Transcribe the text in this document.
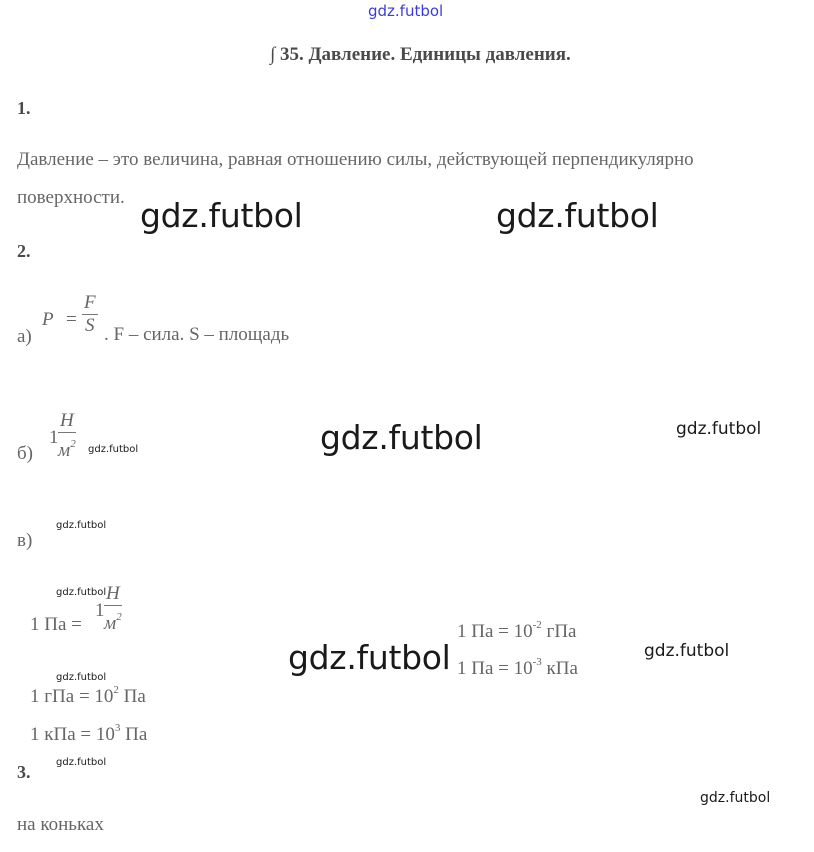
gdz.futbol
∫ 35. Давление. Единицы давления.
1.
Давление – это величина, равная отношению силы, действующей перпендикулярно
поверхности.
2.
а)
$P = \frac{F}{S}$ . F – сила. S – площадь
б)
1
Н
$м^2$
в)
1 Па =
1
Н
$м^2$
1 гПа = $10^2$ Па
1 кПа = $10^3$ Па
1 Па = $10^{-2}$ гПа
1 Па = $10^{-3}$ кПа
3.
на коньках
gdz.futbol	gdz.futbol
gdz.futbol
gdz.futbol
gdz.futbol
gdz.futbol
gdz.futbol
gdz.futbol
gdz.futbol
gdz.futbol
gdz.futbol
gdz.futbol
